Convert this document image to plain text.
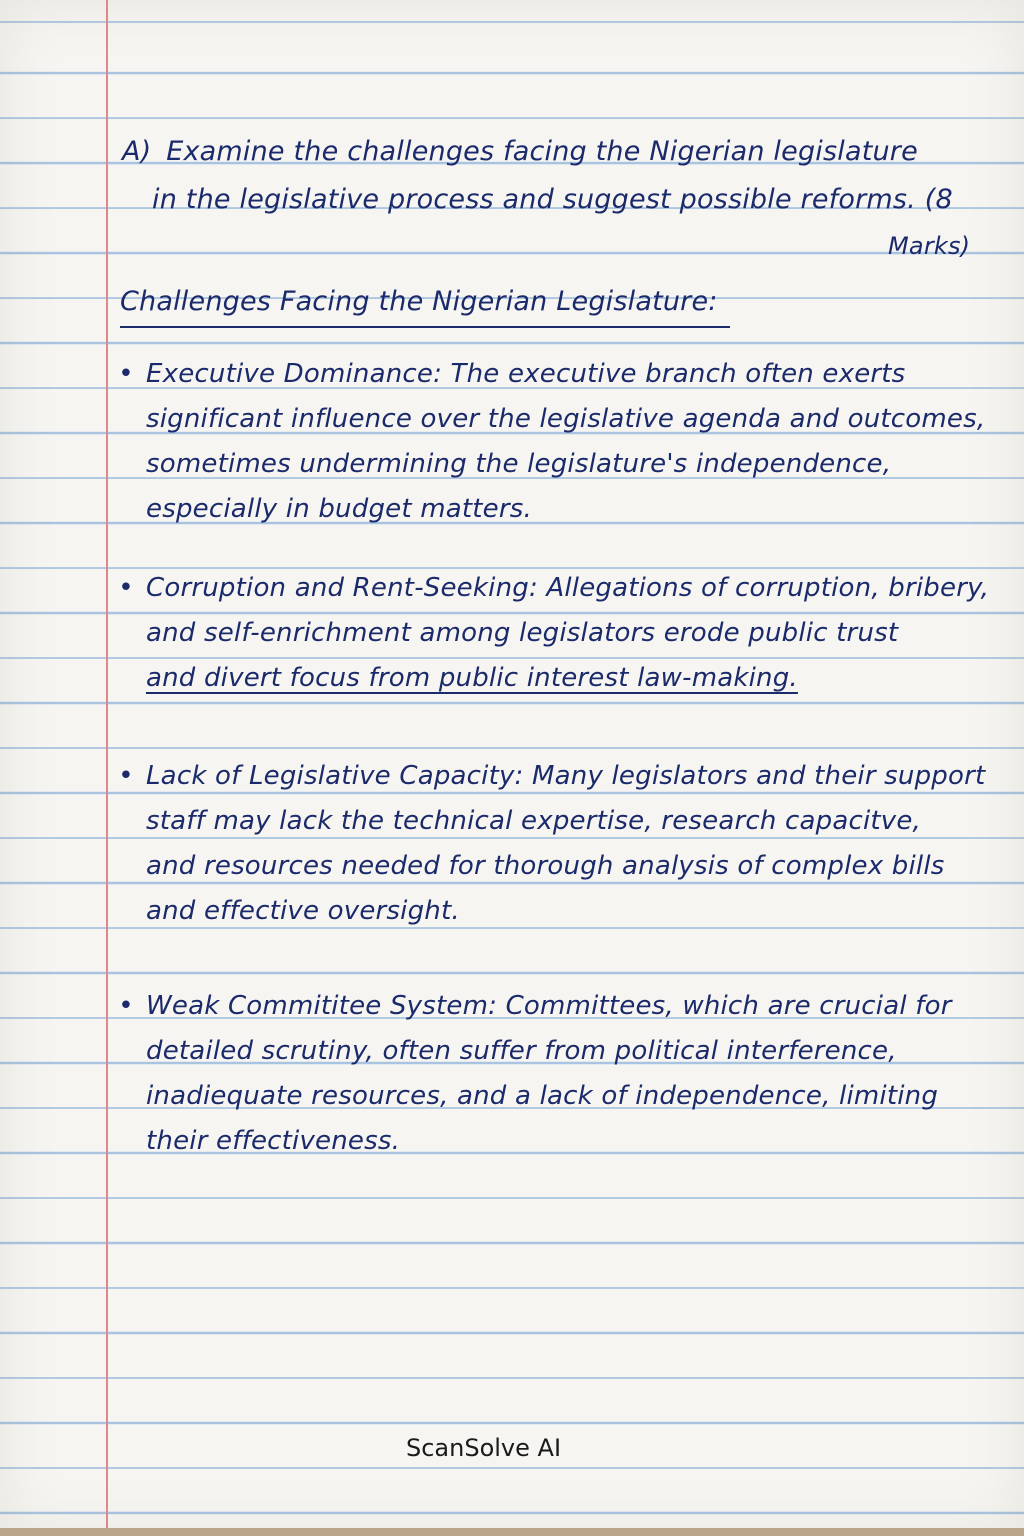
A) Examine the challenges facing the Nigerian legislature
in the legislative process and suggest possible reforms. (8
Marks)
Challenges Facing the Nigerian Legislature:
• Executive Dominance: The executive branch often exerts
significant influence over the legislative agenda and outcomes,
sometimes undermining the legislature's independence,
especially in budget matters.
• Corruption and Rent-Seeking: Allegations of corruption, bribery,
and self-enrichment among legislators erode public trust
and divert focus from public interest law-making.
• Lack of Legislative Capacity: Many legislators and their support
staff may lack the technical expertise, research capacitve,
and resources needed for thorough analysis of complex bills
and effective oversight.
• Weak Commititee System: Committees, which are crucial for
detailed scrutiny, often suffer from political interference,
inadiequate resources, and a lack of independence, limiting
their effectiveness.
ScanSolve AI
